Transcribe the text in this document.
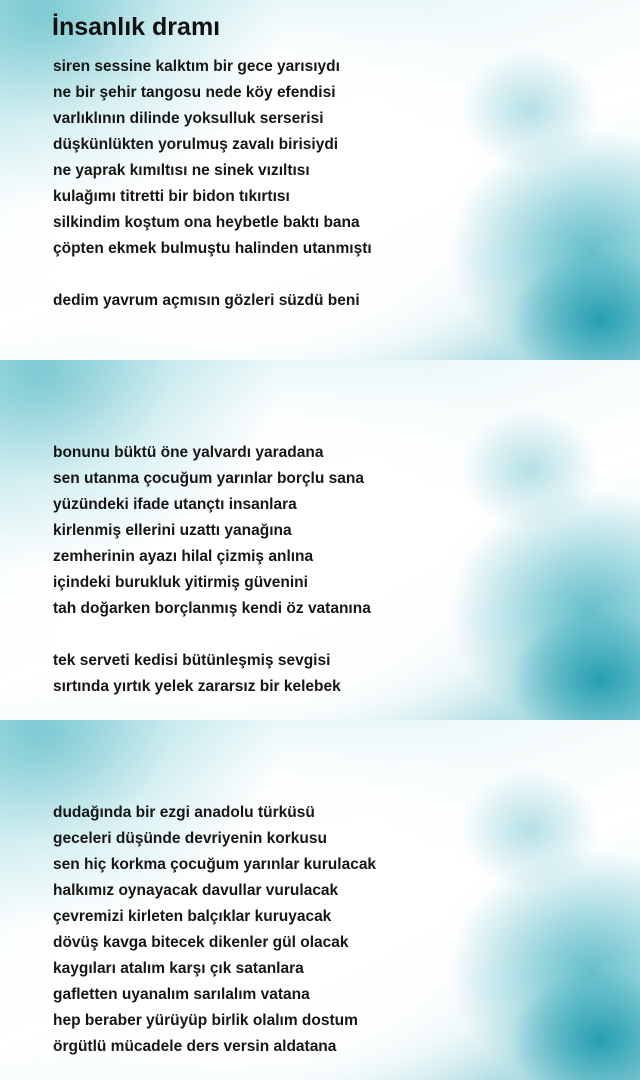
İnsanlık dramı
siren sessine kalktım bir gece yarısıydı
ne bir şehir tangosu nede köy efendisi
varlıklının dilinde yoksulluk serserisi
düşkünlükten yorulmuş zavalı birisiydi
ne yaprak kımıltısı ne sinek vızıltısı
kulağımı titretti bir bidon tıkırtısı
silkindim koştum ona heybetle baktı bana
çöpten ekmek bulmuştu halinden utanmıştı
dedim yavrum açmısın gözleri süzdü beni
bonunu büktü öne yalvardı yaradana
sen utanma çocuğum yarınlar borçlu sana
yüzündeki ifade utançtı insanlara
kirlenmiş ellerini uzattı yanağına
zemherinin ayazı hilal çizmiş anlına
içindeki burukluk yitirmiş güvenini
tah doğarken borçlanmış kendi öz vatanına
tek serveti kedisi bütünleşmiş sevgisi
sırtında yırtık yelek zararsız bir kelebek
dudağında bir ezgi anadolu türküsü
geceleri düşünde devriyenin korkusu
sen hiç korkma çocuğum yarınlar kurulacak
halkımız oynayacak davullar vurulacak
çevremizi kirleten balçıklar kuruyacak
dövüş kavga bitecek dikenler gül olacak
kaygıları atalım karşı çık satanlara
gafletten uyanalım sarılalım vatana
hep beraber yürüyüp birlik olalım dostum
örgütlü mücadele ders versin aldatana
